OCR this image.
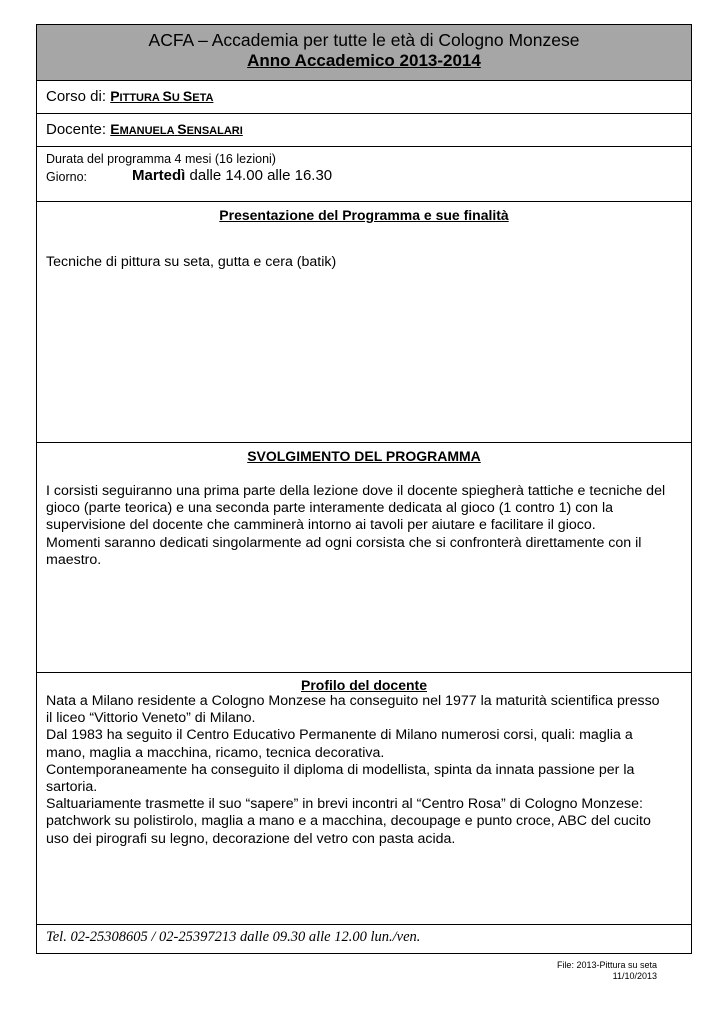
ACFA – Accademia per tutte le età di Cologno Monzese
Anno Accademico 2013-2014
Corso di: PITTURA SU SETA
Docente: EMANUELA SENSALARI
Durata del programma 4 mesi (16 lezioni)
Giorno:	Martedì dalle 14.00 alle 16.30
Presentazione del Programma e sue finalità
Tecniche di pittura su seta, gutta e cera (batik)
SVOLGIMENTO DEL PROGRAMMA
I corsisti seguiranno una prima parte della lezione dove il docente spiegherà tattiche e tecniche del
gioco (parte teorica) e una seconda parte interamente dedicata al gioco (1 contro 1) con la
supervisione del docente che camminerà intorno ai tavoli per aiutare e facilitare il gioco.
Momenti saranno dedicati singolarmente ad ogni corsista che si confronterà direttamente con il
maestro.
Profilo del docente
Nata a Milano residente a Cologno Monzese ha conseguito nel 1977 la maturità scientifica presso
il liceo “Vittorio Veneto” di Milano.
Dal 1983 ha seguito il Centro Educativo Permanente di Milano numerosi corsi, quali: maglia a
mano, maglia a macchina, ricamo, tecnica decorativa.
Contemporaneamente ha conseguito il diploma di modellista, spinta da innata passione per la
sartoria.
Saltuariamente trasmette il suo “sapere” in brevi incontri al “Centro Rosa” di Cologno Monzese:
patchwork su polistirolo, maglia a mano e a macchina, decoupage e punto croce, ABC del cucito
uso dei pirografi su legno, decorazione del vetro con pasta acida.
Tel. 02-25308605 / 02-25397213 dalle 09.30 alle 12.00 lun./ven.
File: 2013-Pittura su seta
11/10/2013
